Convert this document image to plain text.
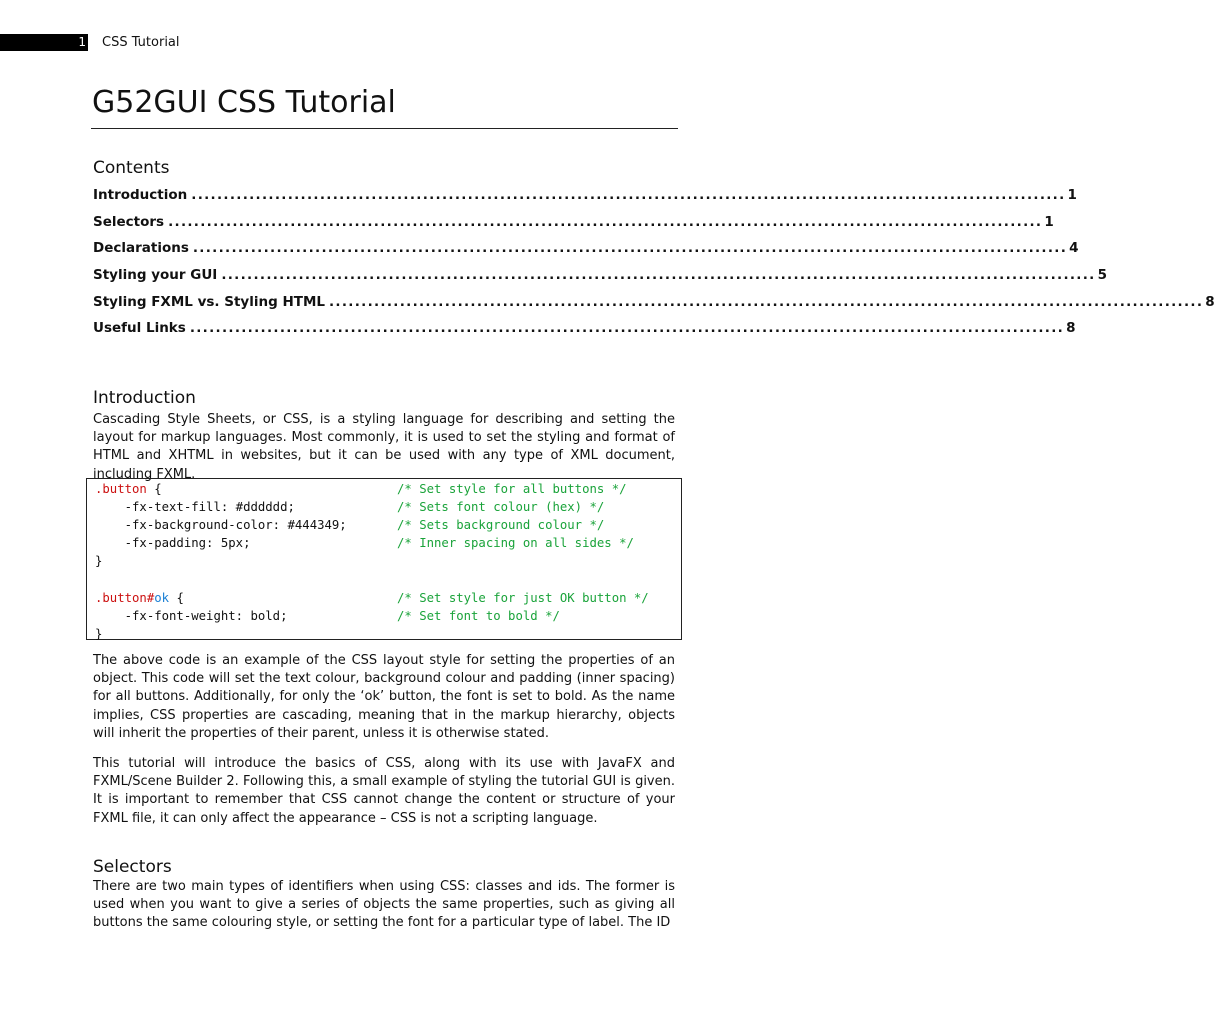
1 CSS Tutorial
G52GUI CSS Tutorial
Contents
Introduction ........................................................................................................................................ 1
Selectors ........................................................................................................................................ 1
Declarations ........................................................................................................................................ 4
Styling your GUI ........................................................................................................................................ 5
Styling FXML vs. Styling HTML ........................................................................................................................................ 8
Useful Links ........................................................................................................................................ 8
Introduction
Cascading Style Sheets, or CSS, is a styling language for describing and setting the layout for markup languages. Most commonly, it is used to set the styling and format of HTML and XHTML in websites, but it can be used with any type of XML document, including FXML.
.button {	/* Set style for all buttons */
-fx-text-fill: #dddddd;	/* Sets font colour (hex) */
-fx-background-color: #444349;	/* Sets background colour */
-fx-padding: 5px;	/* Inner spacing on all sides */
}
.button#ok {	/* Set style for just OK button */
-fx-font-weight: bold;	/* Set font to bold */
}
The above code is an example of the CSS layout style for setting the properties of an object. This code will set the text colour, background colour and padding (inner spacing) for all buttons. Additionally, for only the ‘ok’ button, the font is set to bold. As the name implies, CSS properties are cascading, meaning that in the markup hierarchy, objects will inherit the properties of their parent, unless it is otherwise stated.
This tutorial will introduce the basics of CSS, along with its use with JavaFX and FXML/Scene Builder 2. Following this, a small example of styling the tutorial GUI is given. It is important to remember that CSS cannot change the content or structure of your FXML file, it can only affect the appearance – CSS is not a scripting language.
Selectors
There are two main types of identifiers when using CSS: classes and ids. The former is used when you want to give a series of objects the same properties, such as giving all buttons the same colouring style, or setting the font for a particular type of label. The ID
